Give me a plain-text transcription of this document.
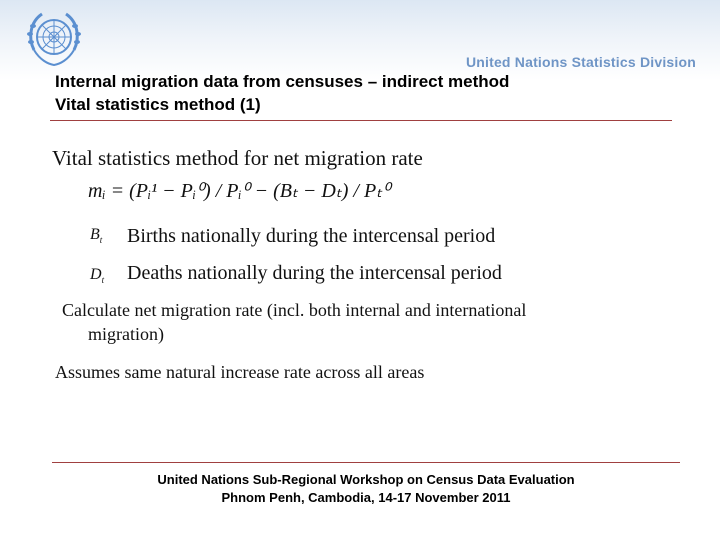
United Nations Statistics Division
Internal migration data from censuses – indirect method
Vital statistics method (1)
Vital statistics method for net migration rate
mᵢ = (Pᵢ¹ − Pᵢ⁰) / Pᵢ⁰ − (Bₜ − Dₜ) / Pₜ⁰
$B_t$ Births nationally during the intercensal period
$D_t$ Deaths nationally during the intercensal period
Calculate net migration rate (incl. both internal and international
migration)
Assumes same natural increase rate across all areas
United Nations Sub-Regional Workshop on Census Data Evaluation
Phnom Penh, Cambodia, 14-17 November 2011
